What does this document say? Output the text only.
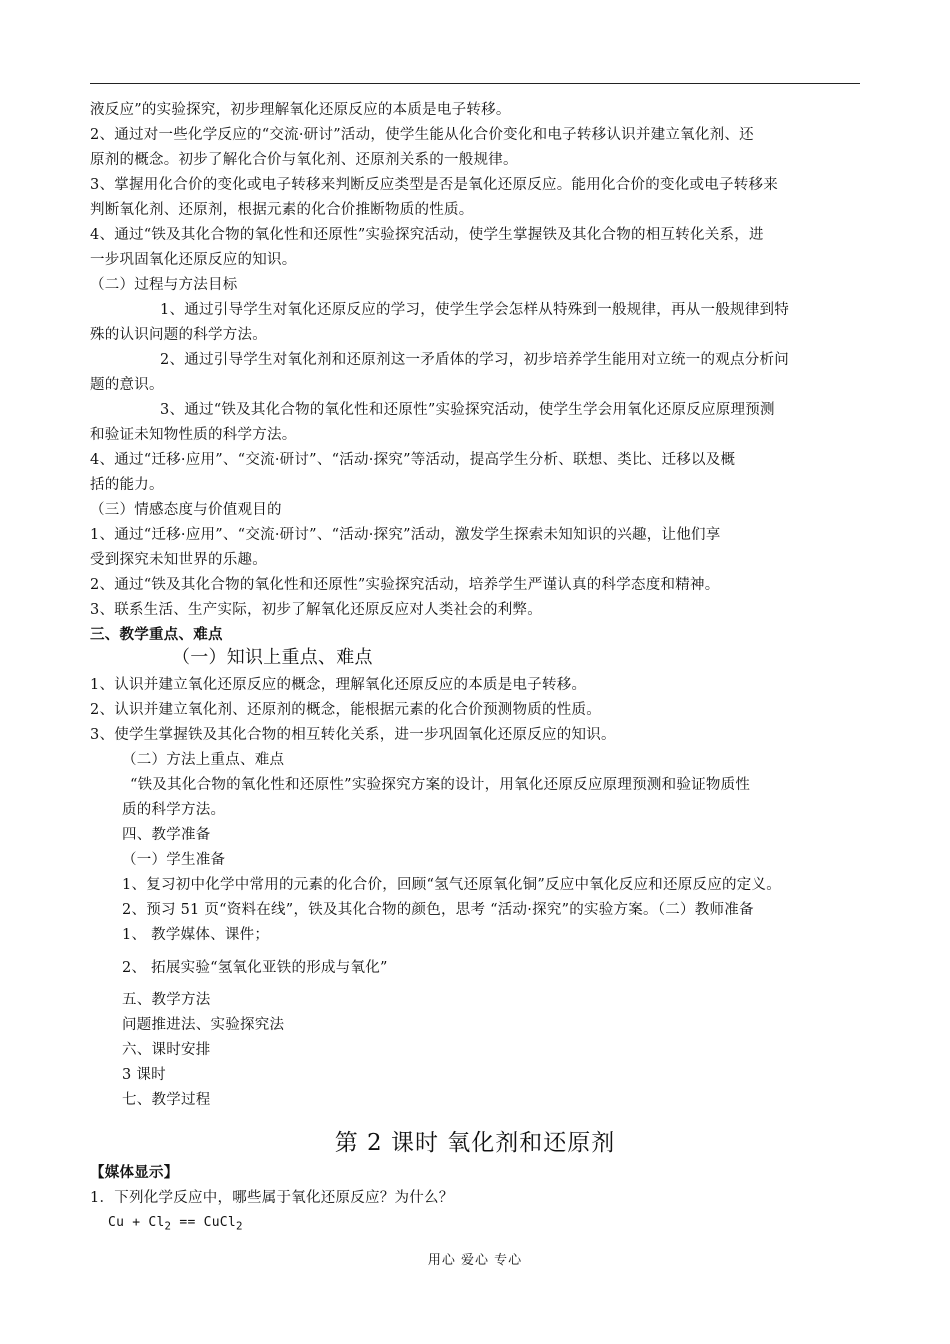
液反应”的实验探究，初步理解氧化还原反应的本质是电子转移。
2、通过对一些化学反应的“交流·研讨”活动，使学生能从化合价变化和电子转移认识并建立氧化剂、还
原剂的概念。初步了解化合价与氧化剂、还原剂关系的一般规律。
3、掌握用化合价的变化或电子转移来判断反应类型是否是氧化还原反应。能用化合价的变化或电子转移来
判断氧化剂、还原剂，根据元素的化合价推断物质的性质。
4、通过“铁及其化合物的氧化性和还原性”实验探究活动，使学生掌握铁及其化合物的相互转化关系，进
一步巩固氧化还原反应的知识。
（二）过程与方法目标
1、通过引导学生对氧化还原反应的学习，使学生学会怎样从特殊到一般规律，再从一般规律到特
殊的认识问题的科学方法。
2、通过引导学生对氧化剂和还原剂这一矛盾体的学习，初步培养学生能用对立统一的观点分析问
题的意识。
3、通过“铁及其化合物的氧化性和还原性”实验探究活动，使学生学会用氧化还原反应原理预测
和验证未知物性质的科学方法。
4、通过“迁移·应用”、“交流·研讨”、“活动·探究”等活动，提高学生分析、联想、类比、迁移以及概
括的能力。
（三）情感态度与价值观目的
1、通过“迁移·应用”、“交流·研讨”、“活动·探究”活动，激发学生探索未知知识的兴趣，让他们享
受到探究未知世界的乐趣。
2、通过“铁及其化合物的氧化性和还原性”实验探究活动，培养学生严谨认真的科学态度和精神。
3、联系生活、生产实际，初步了解氧化还原反应对人类社会的利弊。
三、教学重点、难点
（一）知识上重点、难点
1、认识并建立氧化还原反应的概念，理解氧化还原反应的本质是电子转移。
2、认识并建立氧化剂、还原剂的概念，能根据元素的化合价预测物质的性质。
3、使学生掌握铁及其化合物的相互转化关系，进一步巩固氧化还原反应的知识。
（二）方法上重点、难点
“铁及其化合物的氧化性和还原性”实验探究方案的设计，用氧化还原反应原理预测和验证物质性
质的科学方法。
四、教学准备
（一）学生准备
1、复习初中化学中常用的元素的化合价，回顾“氢气还原氧化铜”反应中氧化反应和还原反应的定义。
2、预习 51 页“资料在线”，铁及其化合物的颜色，思考 “活动·探究”的实验方案。（二）教师准备
1、 教学媒体、课件；
2、 拓展实验“氢氧化亚铁的形成与氧化”
五、教学方法
问题推进法、实验探究法
六、课时安排
3 课时
七、教学过程
第 2 课时 氧化剂和还原剂
【媒体显示】
1．下列化学反应中，哪些属于氧化还原反应？为什么？
$Cu + Cl_2$ == CuCl$_2$
用心 爱心 专心
